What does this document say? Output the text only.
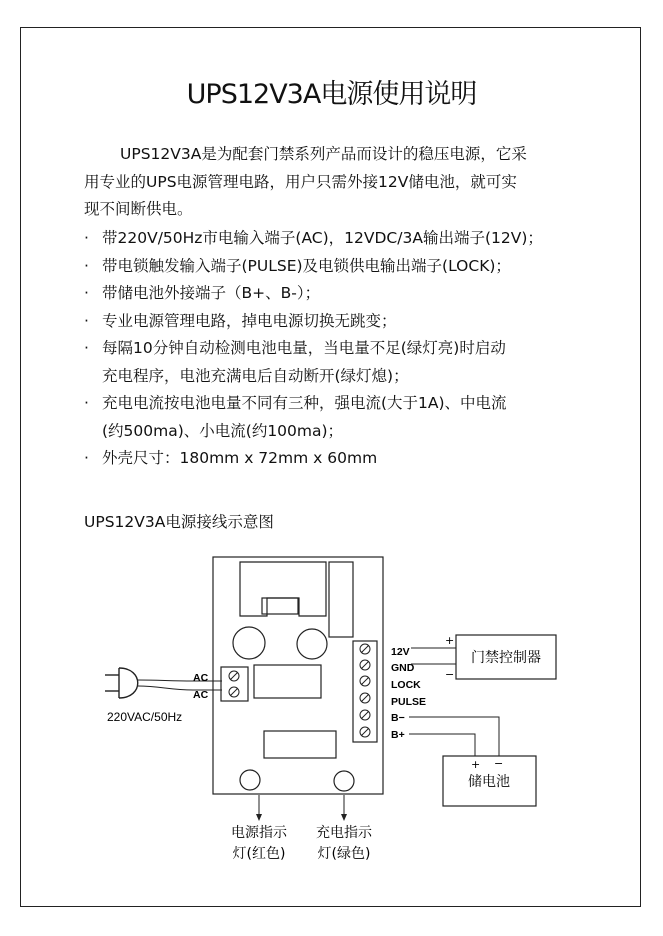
UPS12V3A电源使用说明

UPS12V3A是为配套门禁系列产品而设计的稳压电源，它采
用专业的UPS电源管理电路，用户只需外接12V储电池，就可实
现不间断供电。

· 带220V/50Hz市电输入端子(AC)，12VDC/3A输出端子(12V)；
· 带电锁触发输入端子(PULSE)及电锁供电输出端子(LOCK)；
· 带储电池外接端子（B+、B-）；
· 专业电源管理电路，掉电电源切换无跳变；
· 每隔10分钟自动检测电池电量，当电量不足(绿灯亮)时启动
充电程序，电池充满电后自动断开(绿灯熄)；
· 充电电流按电池电量不同有三种，强电流(大于1A)、中电流
(约500ma)、小电流(约100ma)；
· 外壳尺寸：180mm x 72mm x 60mm
UPS12V3A电源接线示意图
AC
AC
220VAC/50Hz
12V
GND
LOCK
PULSE
B−
B+
+
−
门禁控制器
+ −
储电池
电源指示
灯(红色)
充电指示
灯(绿色)
